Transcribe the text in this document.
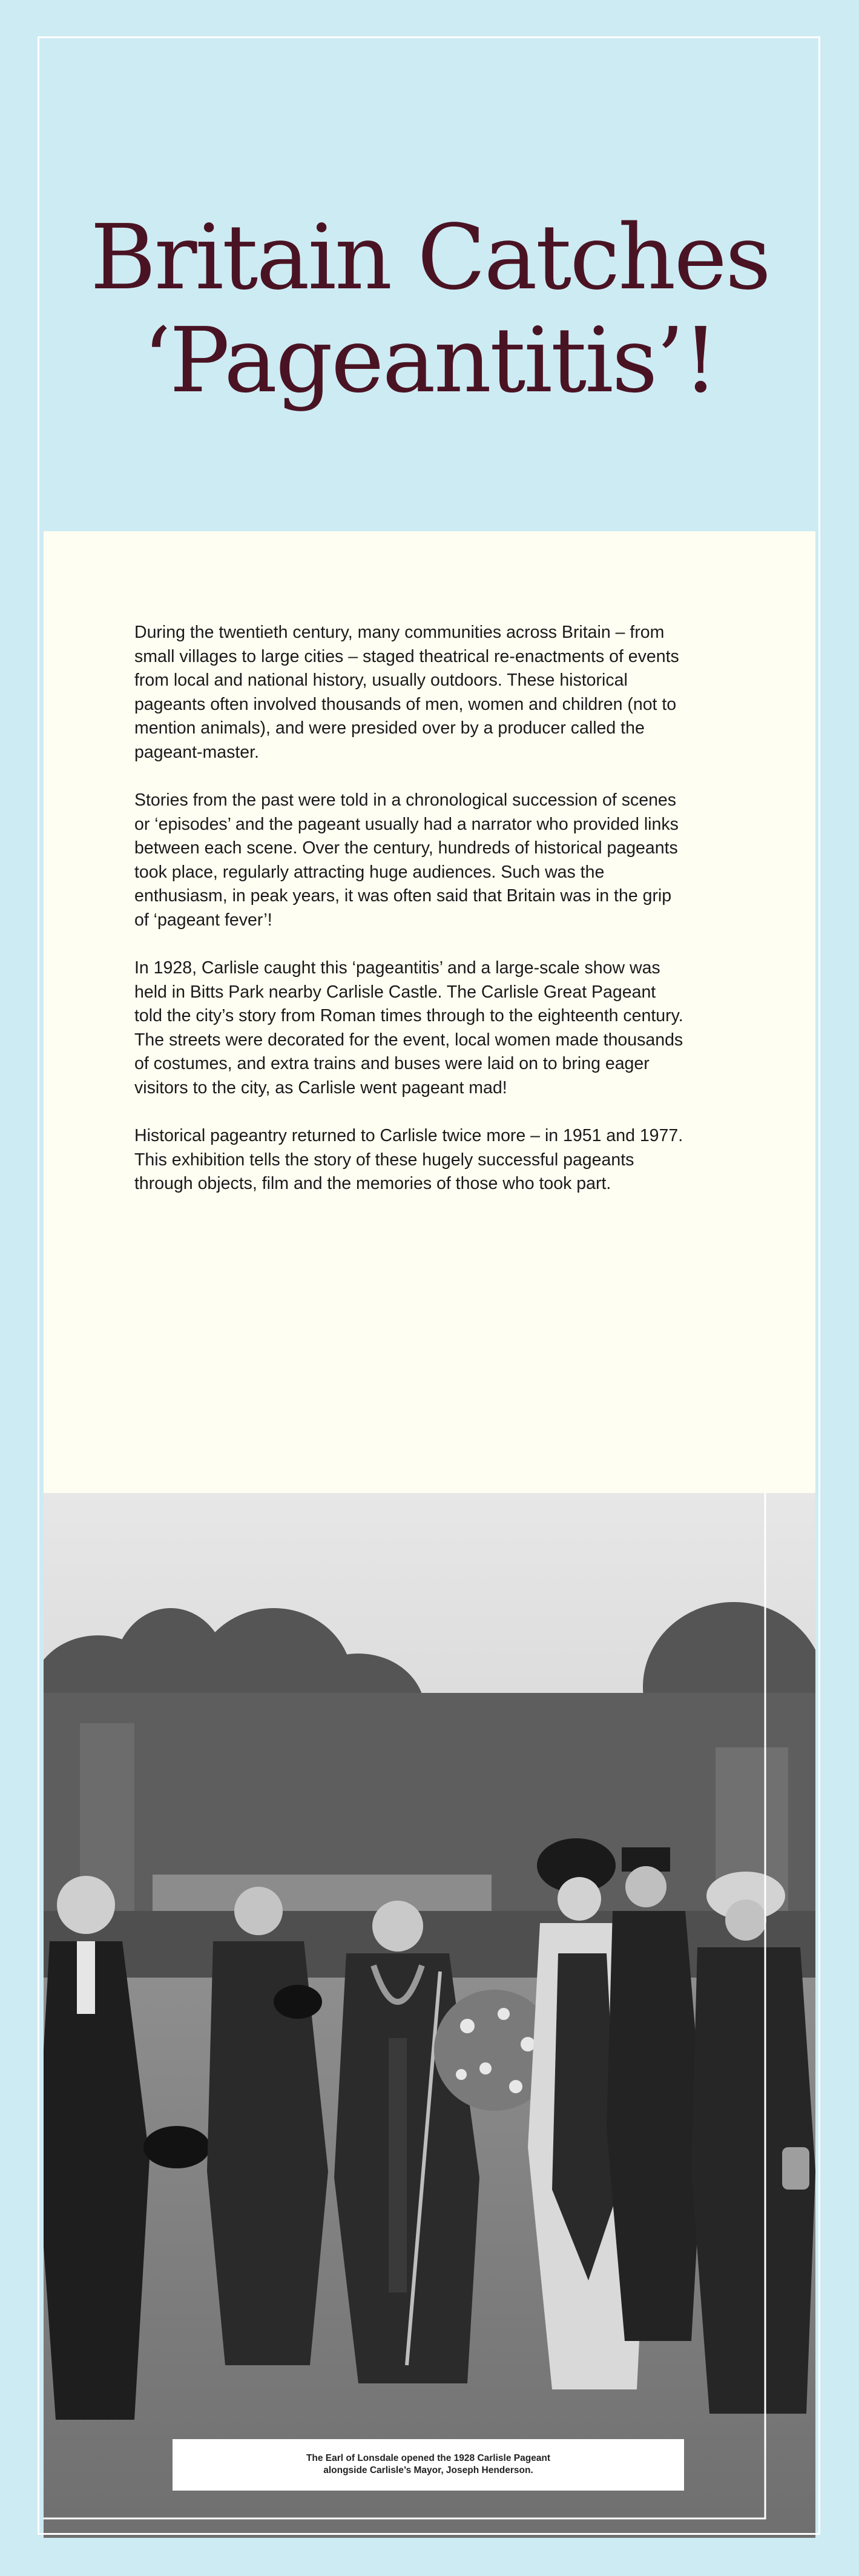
Britain Catches
‘Pageantitis’!

During the twentieth century, many communities across Britain – from small villages to large cities – staged theatrical re-enactments of events from local and national history, usually outdoors. These historical pageants often involved thousands of men, women and children (not to mention animals), and were presided over by a producer called the pageant-master.

Stories from the past were told in a chronological succession of scenes or ‘episodes’ and the pageant usually had a narrator who provided links between each scene. Over the century, hundreds of historical pageants took place, regularly attracting huge audiences. Such was the enthusiasm, in peak years, it was often said that Britain was in the grip of ‘pageant fever’!

In 1928, Carlisle caught this ‘pageantitis’ and a large-scale show was held in Bitts Park nearby Carlisle Castle. The Carlisle Great Pageant told the city’s story from Roman times through to the eighteenth century. The streets were decorated for the event, local women made thousands of costumes, and extra trains and buses were laid on to bring eager visitors to the city, as Carlisle went pageant mad!

Historical pageantry returned to Carlisle twice more – in 1951 and 1977. This exhibition tells the story of these hugely successful pageants through objects, film and the memories of those who took part.

The Earl of Lonsdale opened the 1928 Carlisle Pageant
alongside Carlisle’s Mayor, Joseph Henderson.
